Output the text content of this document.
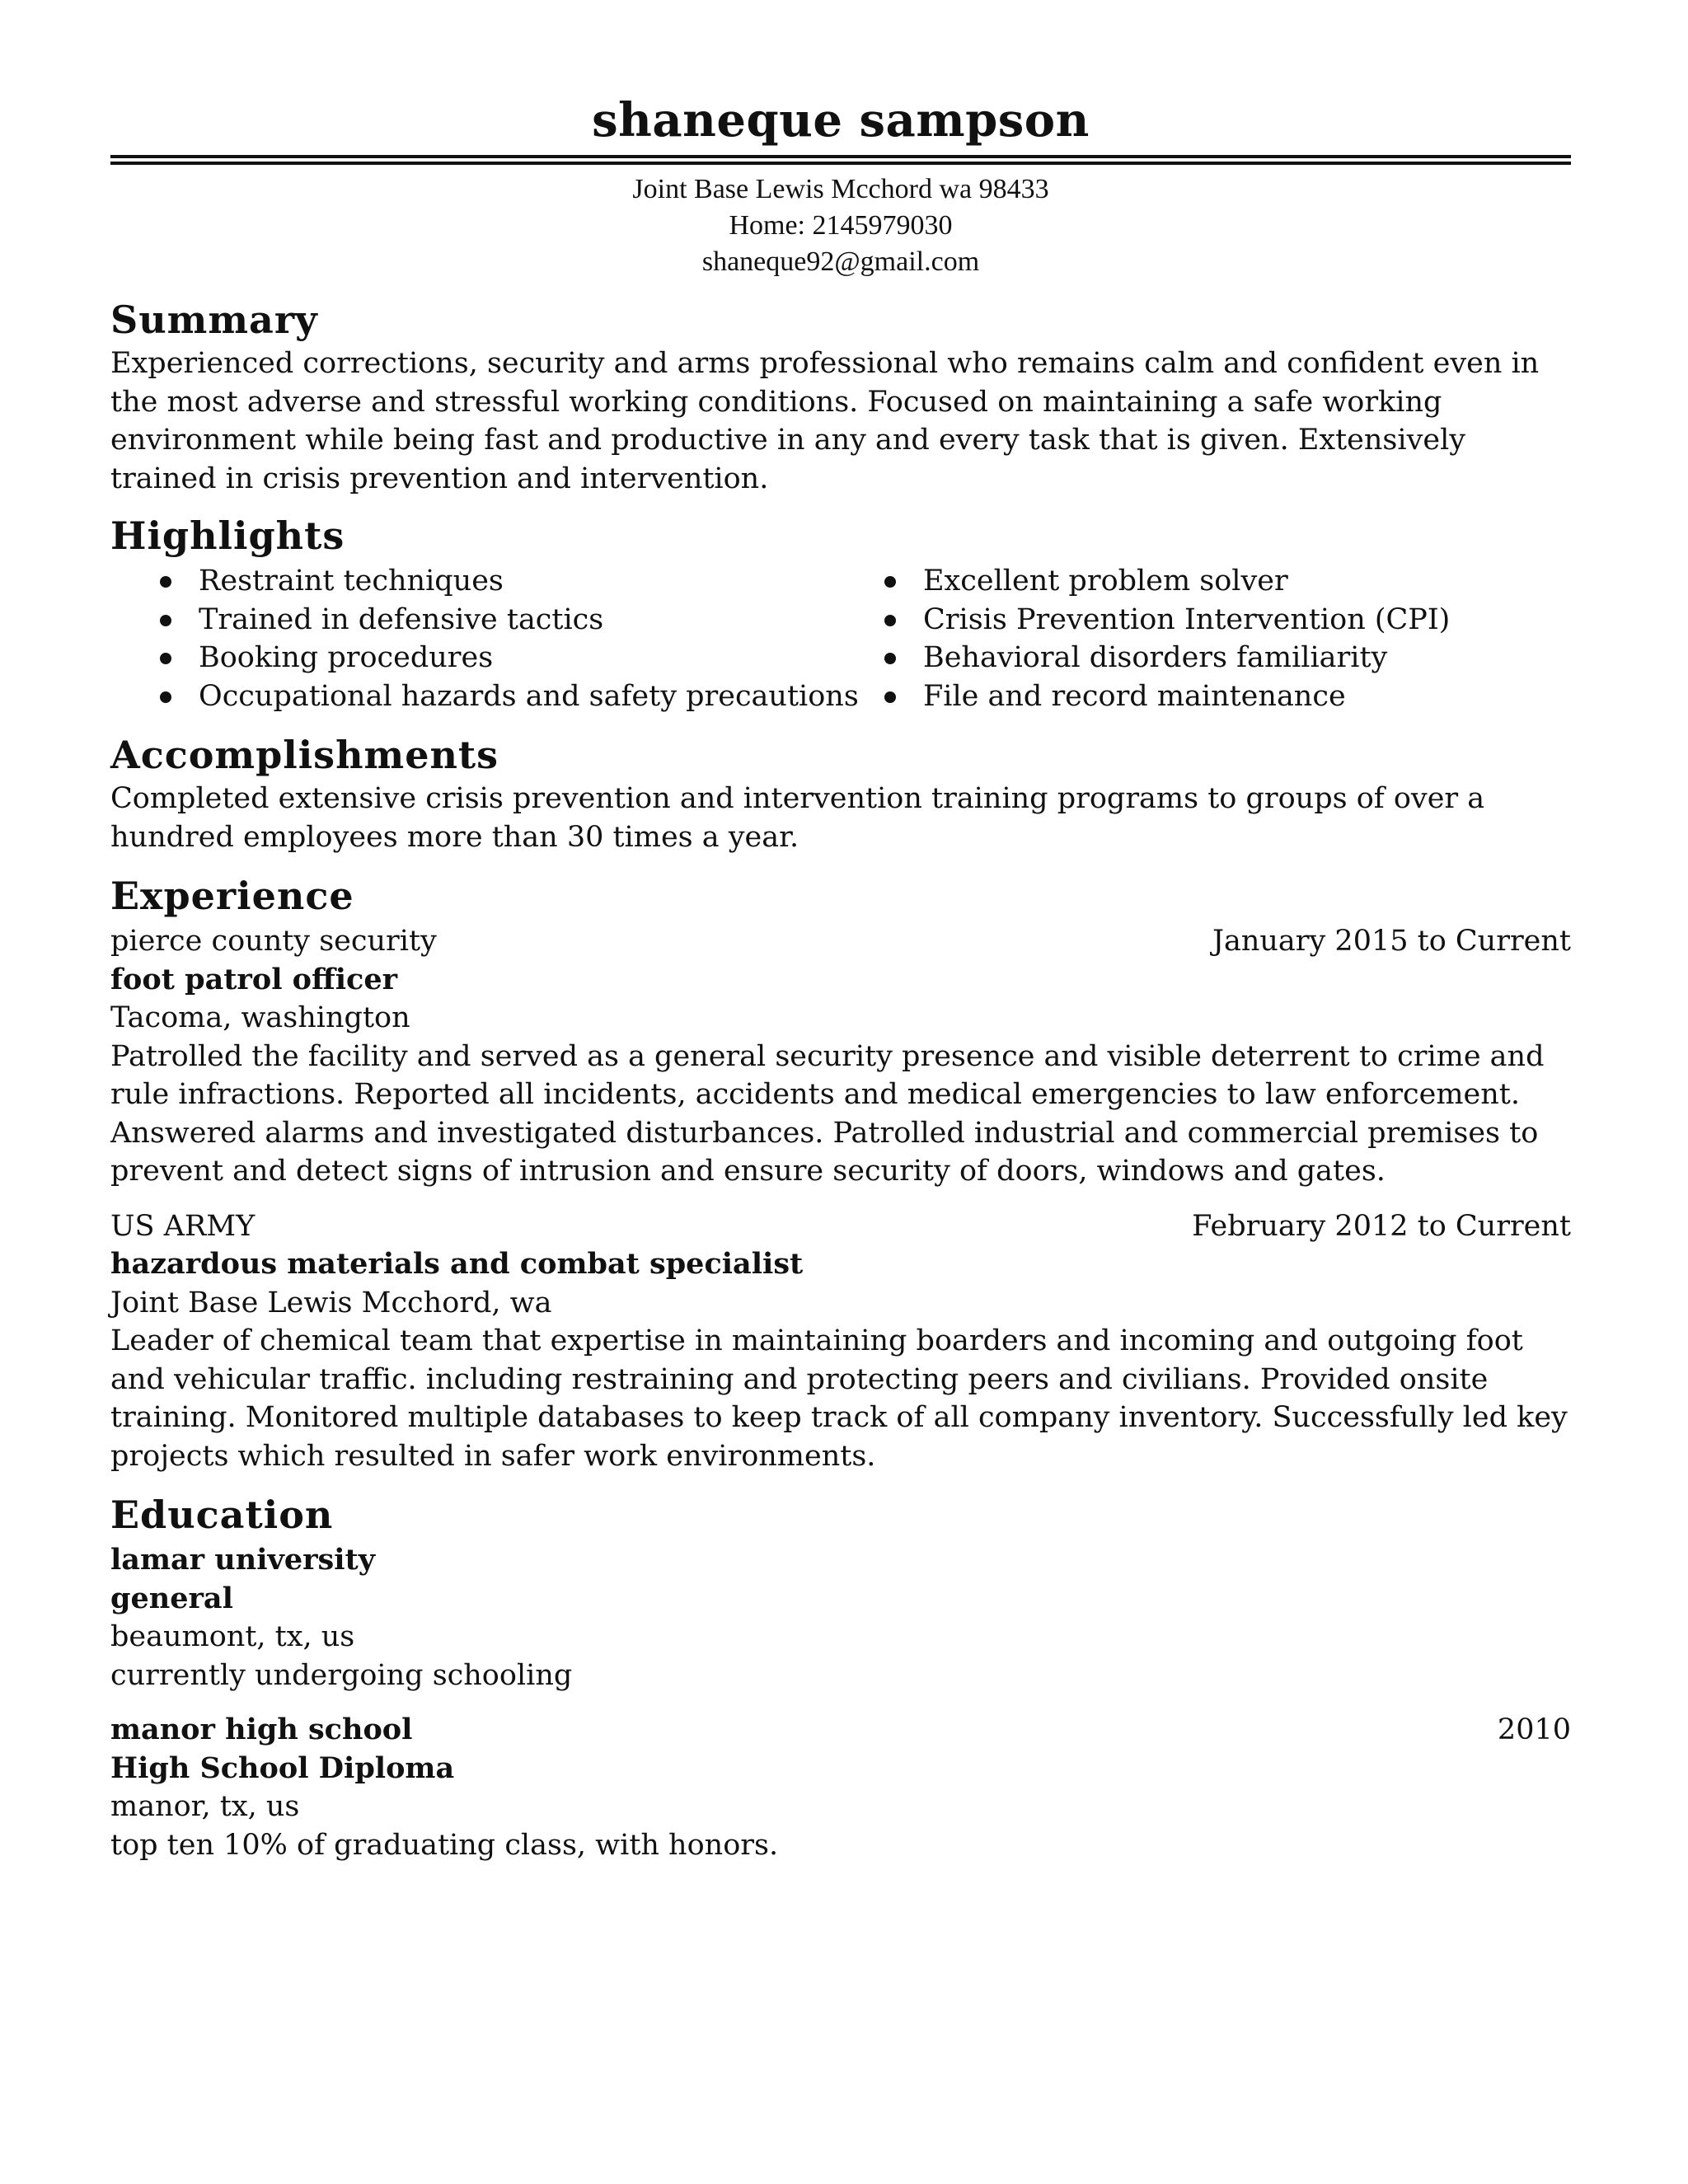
shaneque sampson
Joint Base Lewis Mcchord wa 98433
Home: 2145979030
shaneque92@gmail.com
Summary

Experienced corrections, security and arms professional who remains calm and confident even in the most adverse and stressful working conditions. Focused on maintaining a safe working environment while being fast and productive in any and every task that is given. Extensively trained in crisis prevention and intervention.

Highlights
Restraint techniques
Trained in defensive tactics
Booking procedures
Occupational hazards and safety precautions
Excellent problem solver
Crisis Prevention Intervention (CPI)
Behavioral disorders familiarity
File and record maintenance
Accomplishments

Completed extensive crisis prevention and intervention training programs to groups of over a hundred employees more than 30 times a year.

Experience
pierce county security	January 2015 to Current
foot patrol officer
Tacoma, washington

Patrolled the facility and served as a general security presence and visible deterrent to crime and rule infractions. Reported all incidents, accidents and medical emergencies to law enforcement. Answered alarms and investigated disturbances. Patrolled industrial and commercial premises to prevent and detect signs of intrusion and ensure security of doors, windows and gates.

US ARMY	February 2012 to Current
hazardous materials and combat specialist
Joint Base Lewis Mcchord, wa

Leader of chemical team that expertise in maintaining boarders and incoming and outgoing foot and vehicular traffic. including restraining and protecting peers and civilians. Provided onsite training. Monitored multiple databases to keep track of all company inventory. Successfully led key projects which resulted in safer work environments.

Education
lamar university
general
beaumont, tx, us
currently undergoing schooling
manor high school	2010
High School Diploma
manor, tx, us
top ten 10% of graduating class, with honors.
